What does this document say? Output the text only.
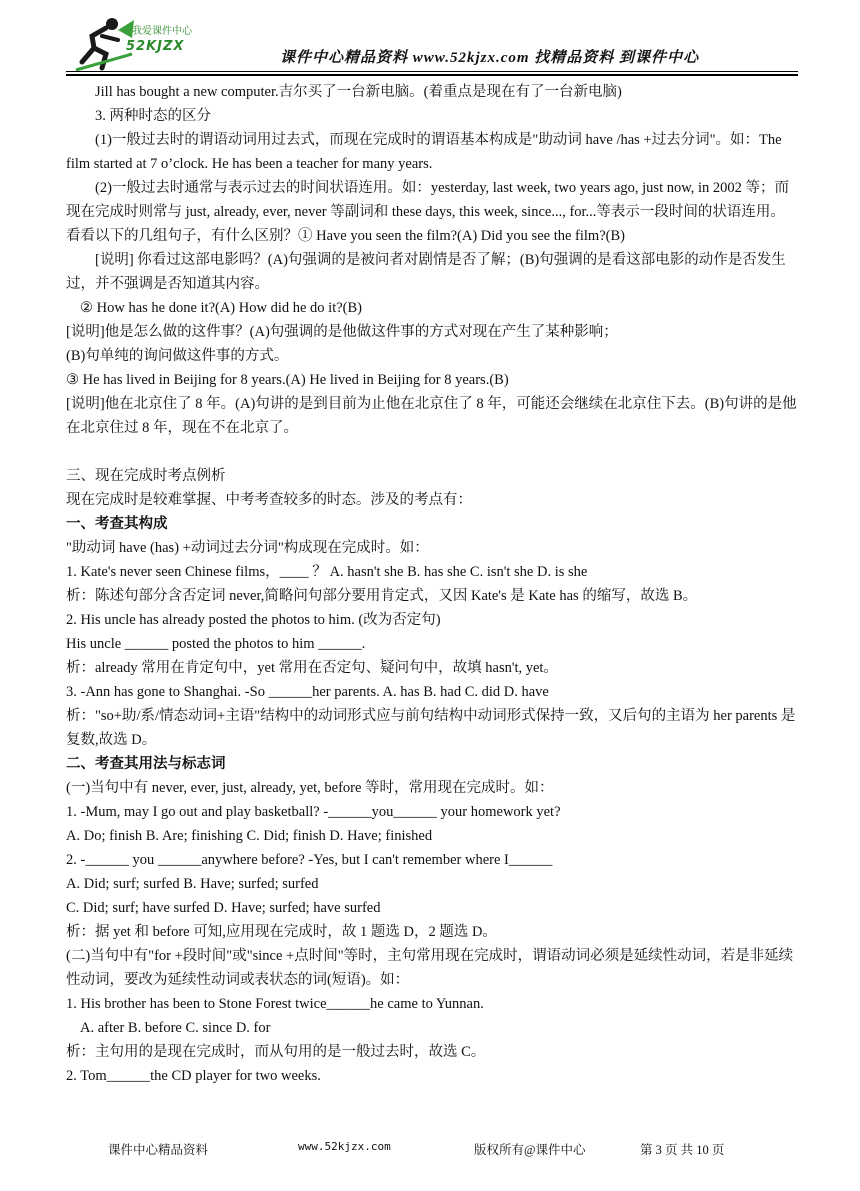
我爱课件中心
52KJZX
课件中心精品资料 www.52kjzx.com 找精品资料 到课件中心

Jill has bought a new computer.吉尔买了一台新电脑。(着重点是现在有了一台新电脑)

3. 两种时态的区分

(1)一般过去时的谓语动词用过去式，而现在完成时的谓语基本构成是"助动词 have /has +过去分词"。如：The film started at 7 o’clock. He has been a teacher for many years.

(2)一般过去时通常与表示过去的时间状语连用。如：yesterday, last week, two years ago, just now, in 2002 等；而现在完成时则常与 just, already, ever, never 等副词和 these days, this week, since..., for...等表示一段时间的状语连用。

看看以下的几组句子，有什么区别？① Have you seen the film?(A) Did you see the film?(B)

[说明] 你看过这部电影吗？(A)句强调的是被问者对剧情是否了解；(B)句强调的是看这部电影的动作是否发生过，并不强调是否知道其内容。

② How has he done it?(A) How did he do it?(B)

[说明]他是怎么做的这件事？(A)句强调的是他做这件事的方式对现在产生了某种影响；

(B)句单纯的询问做这件事的方式。

③ He has lived in Beijing for 8 years.(A) He lived in Beijing for 8 years.(B)

[说明]他在北京住了 8 年。(A)句讲的是到目前为止他在北京住了 8 年，可能还会继续在北京住下去。(B)句讲的是他在北京住过 8 年，现在不在北京了。

三、现在完成时考点例析

现在完成时是较难掌握、中考考查较多的时态。涉及的考点有：

一、考查其构成

"助动词 have (has) +动词过去分词"构成现在完成时。如：

1. Kate's never seen Chinese films，____ ？ A. hasn't she B. has she C. isn't she D. is she

析：陈述句部分含否定词 never,简略问句部分要用肯定式，又因 Kate's 是 Kate has 的缩写，故选 B。

2. His uncle has already posted the photos to him. (改为否定句)

His uncle ______ posted the photos to him ______.

析：already 常用在肯定句中，yet 常用在否定句、疑问句中，故填 hasn't, yet。

3. -Ann has gone to Shanghai. -So ______her parents. A. has B. had C. did D. have

析："so+助/系/情态动词+主语"结构中的动词形式应与前句结构中动词形式保持一致，又后句的主语为 her parents 是复数,故选 D。

二、考查其用法与标志词

(一)当句中有 never, ever, just, already, yet, before 等时，常用现在完成时。如：

1. -Mum, may I go out and play basketball? -______you______ your homework yet?

A. Do; finish B. Are; finishing C. Did; finish D. Have; finished

2. -______ you ______anywhere before? -Yes, but I can't remember where I______

A. Did; surf; surfed B. Have; surfed; surfed

C. Did; surf; have surfed D. Have; surfed; have surfed

析：据 yet 和 before 可知,应用现在完成时，故 1 题选 D，2 题选 D。

(二)当句中有"for +段时间"或"since +点时间"等时，主句常用现在完成时，谓语动词必须是延续性动词，若是非延续性动词，要改为延续性动词或表状态的词(短语)。如：

1. His brother has been to Stone Forest twice______he came to Yunnan.

A. after B. before C. since D. for

析：主句用的是现在完成时，而从句用的是一般过去时，故选 C。

2. Tom______the CD player for two weeks.

课件中心精品资料	www.52kjzx.com	版权所有@课件中心	第 3 页 共 10 页
